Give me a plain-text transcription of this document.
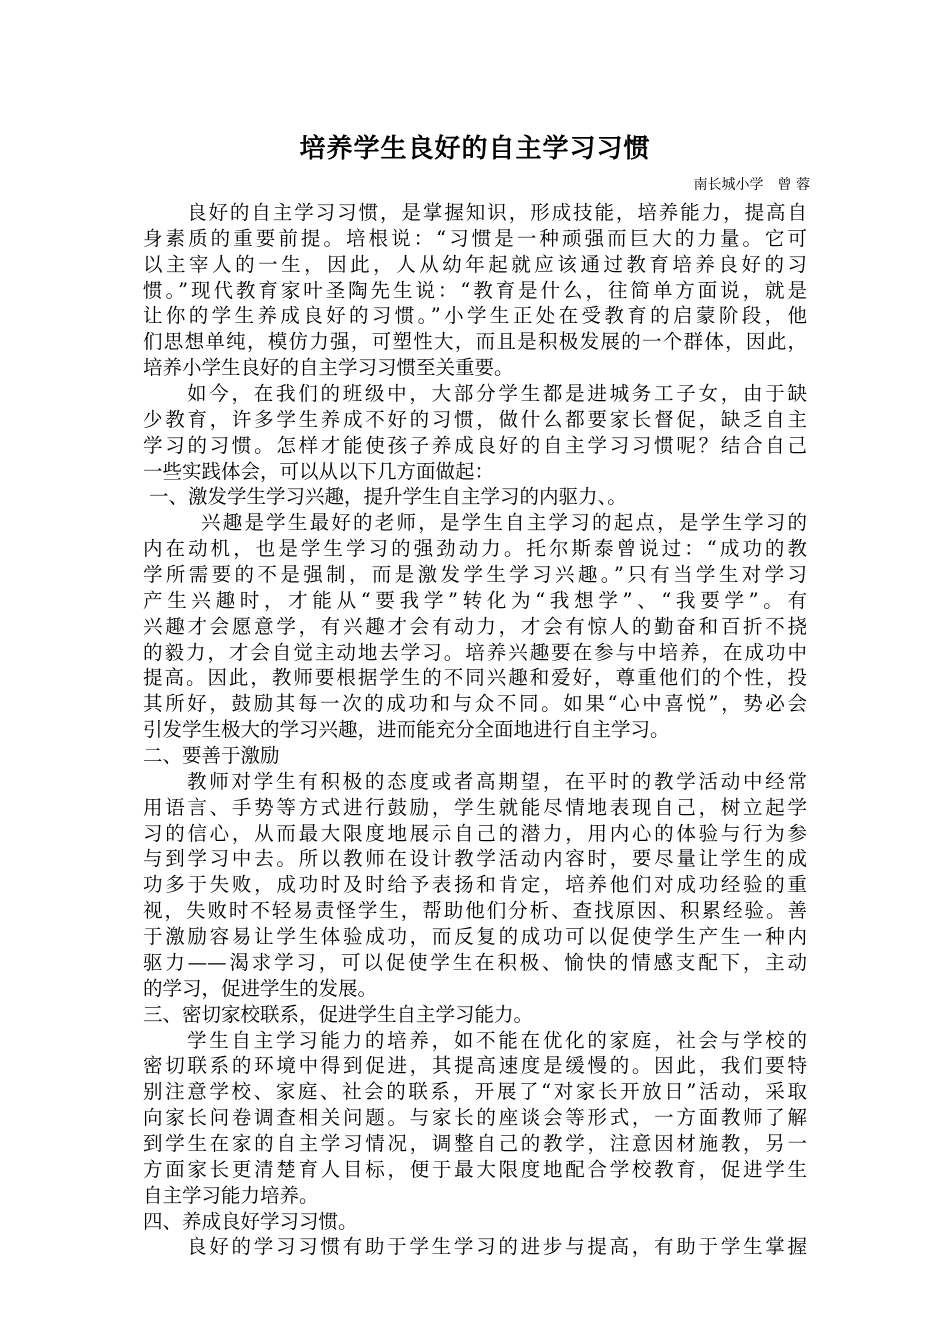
培养学生良好的自主学习习惯
南长城小学　曾 蓉
良好的自主学习习惯，是掌握知识，形成技能，培养能力，提高自
身素质的重要前提。培根说：“习惯是一种顽强而巨大的力量。它可
以主宰人的一生，因此，人从幼年起就应该通过教育培养良好的习
惯。”现代教育家叶圣陶先生说：“教育是什么，往简单方面说，就是
让你的学生养成良好的习惯。”小学生正处在受教育的启蒙阶段，他
们思想单纯，模仿力强，可塑性大，而且是积极发展的一个群体，因此，
培养小学生良好的自主学习习惯至关重要。
如今，在我们的班级中，大部分学生都是进城务工子女，由于缺
少教育，许多学生养成不好的习惯，做什么都要家长督促，缺乏自主
学习的习惯。怎样才能使孩子养成良好的自主学习习惯呢？结合自己
一些实践体会，可以从以下几方面做起：
一、激发学生学习兴趣，提升学生自主学习的内驱力、。
兴趣是学生最好的老师，是学生自主学习的起点，是学生学习的
内在动机，也是学生学习的强劲动力。托尔斯泰曾说过：“成功的教
学所需要的不是强制，而是激发学生学习兴趣。”只有当学生对学习
产生兴趣时，才能从“要我学”转化为“我想学”、“我要学”。有
兴趣才会愿意学，有兴趣才会有动力，才会有惊人的勤奋和百折不挠
的毅力，才会自觉主动地去学习。培养兴趣要在参与中培养，在成功中
提高。因此，教师要根据学生的不同兴趣和爱好，尊重他们的个性，投
其所好，鼓励其每一次的成功和与众不同。如果“心中喜悦”，势必会
引发学生极大的学习兴趣，进而能充分全面地进行自主学习。
二、要善于激励
教师对学生有积极的态度或者高期望，在平时的教学活动中经常
用语言、手势等方式进行鼓励，学生就能尽情地表现自己，树立起学
习的信心，从而最大限度地展示自己的潜力，用内心的体验与行为参
与到学习中去。所以教师在设计教学活动内容时，要尽量让学生的成
功多于失败，成功时及时给予表扬和肯定，培养他们对成功经验的重
视，失败时不轻易责怪学生，帮助他们分析、查找原因、积累经验。善
于激励容易让学生体验成功，而反复的成功可以促使学生产生一种内
驱力——渴求学习，可以促使学生在积极、愉快的情感支配下，主动
的学习，促进学生的发展。
三、密切家校联系，促进学生自主学习能力。
学生自主学习能力的培养，如不能在优化的家庭，社会与学校的
密切联系的环境中得到促进，其提高速度是缓慢的。因此，我们要特
别注意学校、家庭、社会的联系，开展了“对家长开放日”活动，采取
向家长问卷调查相关问题。与家长的座谈会等形式，一方面教师了解
到学生在家的自主学习情况，调整自己的教学，注意因材施教，另一
方面家长更清楚育人目标，便于最大限度地配合学校教育，促进学生
自主学习能力培养。
四、养成良好学习习惯。
良好的学习习惯有助于学生学习的进步与提高，有助于学生掌握
